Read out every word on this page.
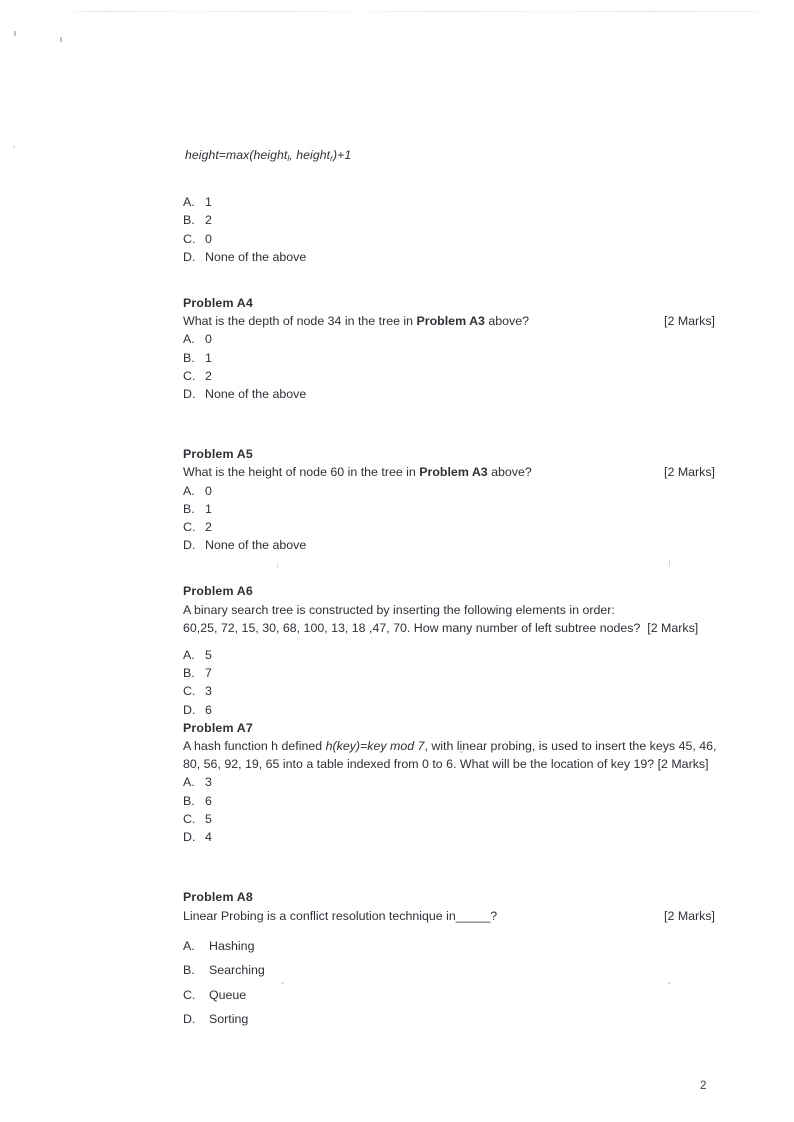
height=max(height$_l$, height$_r$)+1
A. 1
B. 2
C. 0
D. None of the above

Problem A4

What is the depth of node 34 in the tree in Problem A3 above?	[2 Marks]
A. 0
B. 1
C. 2
D. None of the above

Problem A5

What is the height of node 60 in the tree in Problem A3 above?	[2 Marks]
A. 0
B. 1
C. 2
D. None of the above

Problem A6

A binary search tree is constructed by inserting the following elements in order:
60,25, 72, 15, 30, 68, 100, 13, 18 ,47, 70. How many number of left subtree nodes? [2 Marks]
A. 5
B. 7
C. 3
D. 6

Problem A7

A hash function h defined h(key)=key mod 7, with linear probing, is used to insert the keys 45, 46, 80, 56, 92, 19, 65 into a table indexed from 0 to 6. What will be the location of key 19? [2 Marks]
A. 3
B. 6
C. 5
D. 4

Problem A8

Linear Probing is a conflict resolution technique in_____?	[2 Marks]
A.	Hashing
B.	Searching
C.	Queue
D.	Sorting
2
